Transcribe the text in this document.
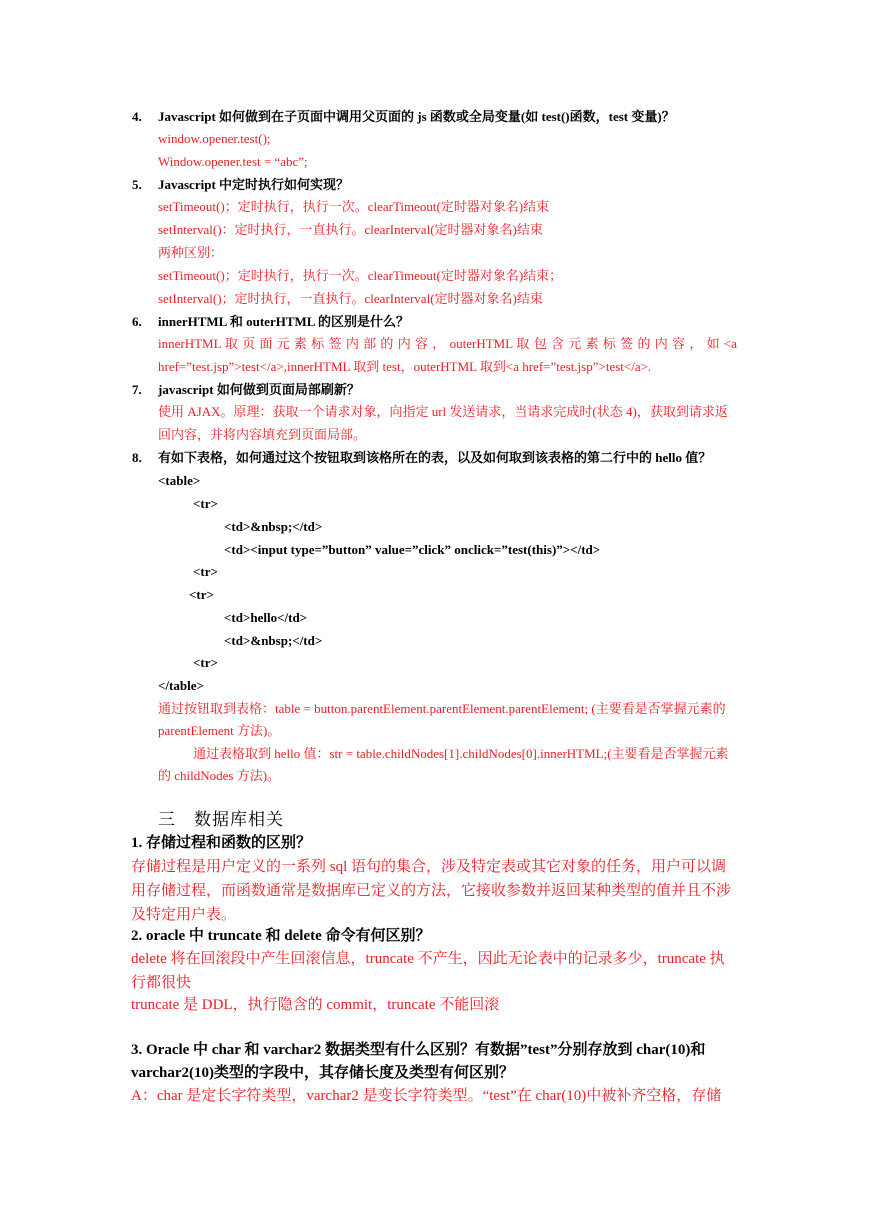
4. Javascript 如何做到在子页面中调用父页面的 js 函数或全局变量(如 test()函数，test 变量)？
window.opener.test();
Window.opener.test = “abc”;
5. Javascript 中定时执行如何实现？
setTimeout()；定时执行，执行一次。clearTimeout(定时器对象名)结束
setInterval()：定时执行，一直执行。clearInterval(定时器对象名)结束
两种区别：
setTimeout()；定时执行，执行一次。clearTimeout(定时器对象名)结束；
setInterval()；定时执行，一直执行。clearInterval(定时器对象名)结束
6. innerHTML 和 outerHTML 的区别是什么？
innerHTML 取 页 面 元 素 标 签 内 部 的 内 容 ， outerHTML 取 包 含 元 素 标 签 的 内 容 ， 如 <a
href=”test.jsp”>test</a>,innerHTML 取到 test，outerHTML 取到<a href=”test.jsp”>test</a>.
7. javascript 如何做到页面局部刷新？
使用 AJAX。原理：获取一个请求对象，向指定 url 发送请求，当请求完成时(状态 4)，获取到请求返
回内容，并将内容填充到页面局部。
8. 有如下表格，如何通过这个按钮取到该格所在的表，以及如何取到该表格的第二行中的 hello 值？
<table>
<tr>
<td>&nbsp;</td>
<td><input type=”button” value=”click” onclick=”test(this)”></td>
<tr>
<tr>
<td>hello</td>
<td>&nbsp;</td>
<tr>
</table>
通过按钮取到表格：table = button.parentElement.parentElement.parentElement; (主要看是否掌握元素的
parentElement 方法)。
通过表格取到 hello 值：str = table.childNodes[1].childNodes[0].innerHTML;(主要看是否掌握元素
的 childNodes 方法)。
三　数据库相关
1. 存储过程和函数的区别？
存储过程是用户定义的一系列 sql 语句的集合，涉及特定表或其它对象的任务，用户可以调
用存储过程，而函数通常是数据库已定义的方法，它接收参数并返回某种类型的值并且不涉
及特定用户表。
2. oracle 中 truncate 和 delete 命令有何区别？
delete 将在回滚段中产生回滚信息，truncate 不产生，因此无论表中的记录多少，truncate 执
行都很快
truncate 是 DDL，执行隐含的 commit，truncate 不能回滚
3. Oracle 中 char 和 varchar2 数据类型有什么区别？有数据”test”分别存放到 char(10)和
varchar2(10)类型的字段中，其存储长度及类型有何区别？
A：char 是定长字符类型，varchar2 是变长字符类型。“test”在 char(10)中被补齐空格，存储
